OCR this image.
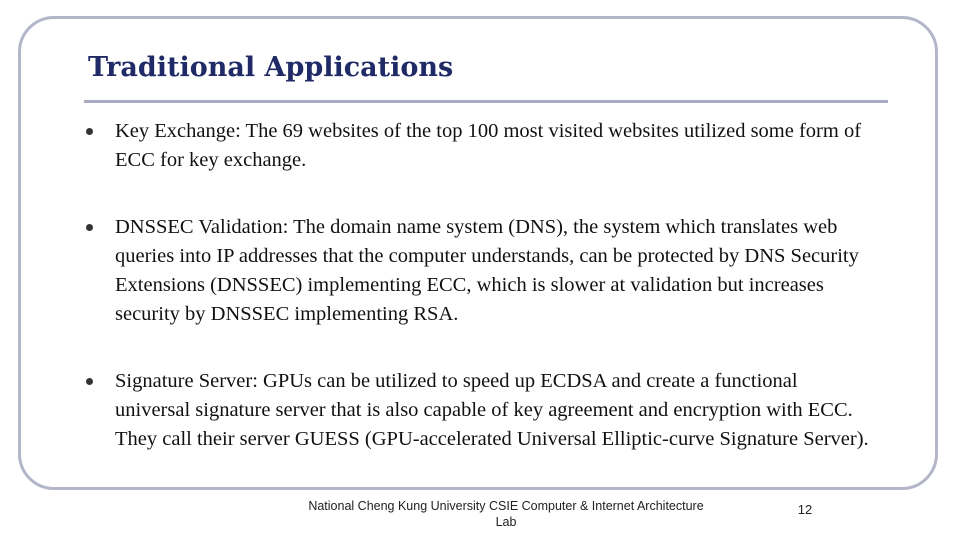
Traditional Applications
Key Exchange: The 69 websites of the top 100 most visited websites utilized some form of ECC for key exchange.
DNSSEC Validation: The domain name system (DNS), the system which translates web queries into IP addresses that the computer understands, can be protected by DNS Security Extensions (DNSSEC) implementing ECC, which is slower at validation but increases security by DNSSEC implementing RSA.
Signature Server: GPUs can be utilized to speed up ECDSA and create a functional universal signature server that is also capable of key agreement and encryption with ECC. They call their server GUESS (GPU-accelerated Universal Elliptic-curve Signature Server).
National Cheng Kung University CSIE Computer & Internet Architecture Lab
12
